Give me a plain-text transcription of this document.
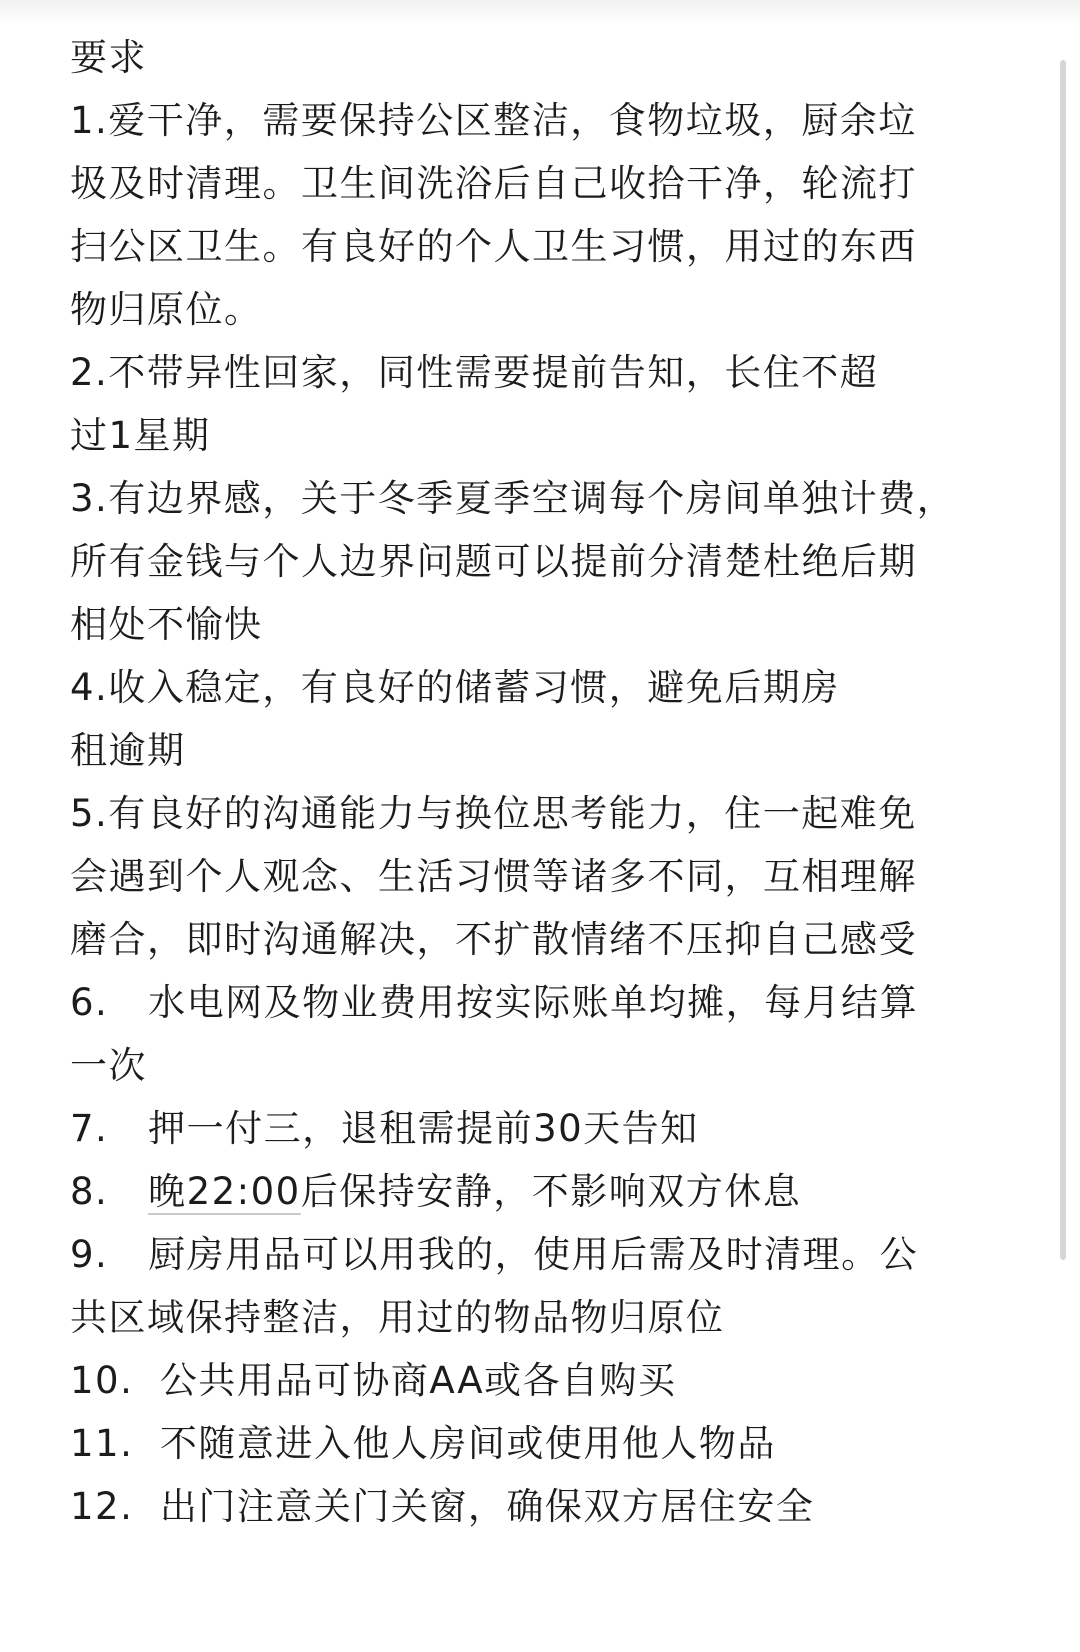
要求
1.爱干净，需要保持公区整洁，食物垃圾，厨余垃
圾及时清理。卫生间洗浴后自己收拾干净，轮流打
扫公区卫生。有良好的个人卫生习惯，用过的东西
物归原位。
2.不带异性回家，同性需要提前告知，长住不超
过1星期
3.有边界感，关于冬季夏季空调每个房间单独计费，
所有金钱与个人边界问题可以提前分清楚杜绝后期
相处不愉快
4.收入稳定，有良好的储蓄习惯，避免后期房
租逾期
5.有良好的沟通能力与换位思考能力，住一起难免
会遇到个人观念、生活习惯等诸多不同，互相理解
磨合，即时沟通解决，不扩散情绪不压抑自己感受
6.   水电网及物业费用按实际账单均摊，每月结算
一次
7.   押一付三，退租需提前30天告知
8.   晚22:00后保持安静，不影响双方休息
9.   厨房用品可以用我的，使用后需及时清理。公
共区域保持整洁，用过的物品物归原位
10.  公共用品可协商AA或各自购买
11.  不随意进入他人房间或使用他人物品
12.  出门注意关门关窗，确保双方居住安全
